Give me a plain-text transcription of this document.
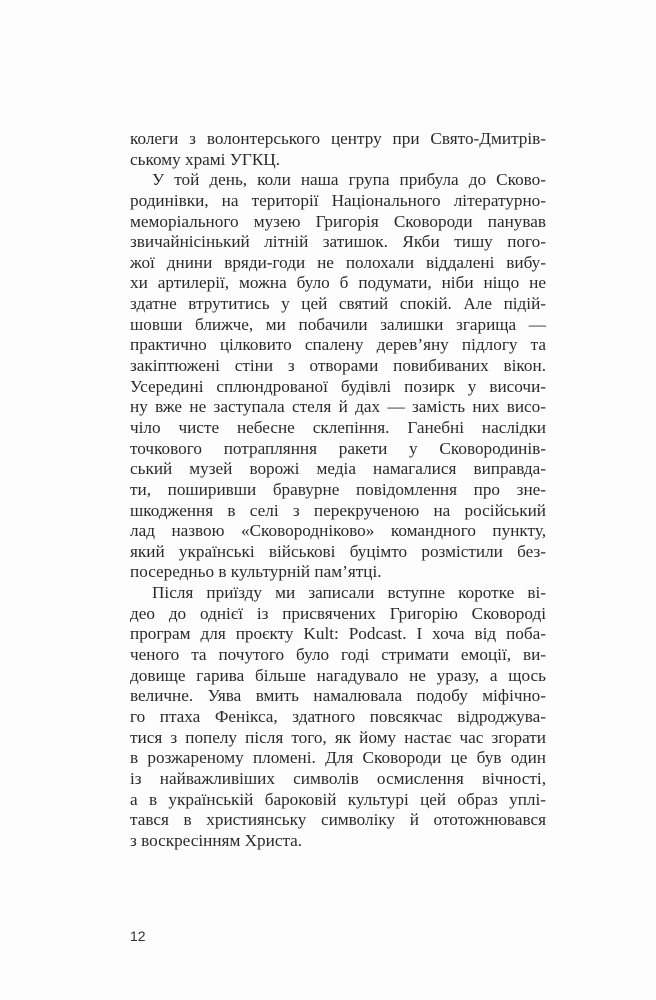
колеги з волонтерського центру при Свято-Дмитрів-
ському храмі УГКЦ.
У той день, коли наша група прибула до Сково-
родинівки, на території Національного літературно-
меморіального музею Григорія Сковороди панував
звичайнісінький літній затишок. Якби тишу пого-
жої днини вряди-годи не полохали віддалені вибу-
хи артилерії, можна було б подумати, ніби ніщо не
здатне втрутитись у цей святий спокій. Але підій-
шовши ближче, ми побачили залишки згарища —
практично цілковито спалену дерев’яну підлогу та
закіптюжені стіни з отворами повибиваних вікон.
Усередині сплюндрованої будівлі позирк у височи-
ну вже не заступала стеля й дах — замість них висо-
чіло чисте небесне склепіння. Ганебні наслідки
точкового потрапляння ракети у Сковородинів-
ський музей ворожі медіа намагалися виправда-
ти, поширивши бравурне повідомлення про зне-
шкодження в селі з перекрученою на російський
лад назвою «Сковородніково» командного пункту,
який українські військові буцімто розмістили без-
посередньо в культурній пам’ятці.
Після приїзду ми записали вступне коротке ві-
део до однієї із присвячених Григорію Сковороді
програм для проєкту Kult: Podcast. І хоча від поба-
ченого та почутого було годі стримати емоції, ви-
довище гарива більше нагадувало не уразу, а щось
величне. Уява вмить намалювала подобу міфічно-
го птаха Фенікса, здатного повсякчас відроджува-
тися з попелу після того, як йому настає час згорати
в розжареному пломені. Для Сковороди це був один
із найважливіших символів осмислення вічності,
а в українській бароковій культурі цей образ уплі-
тався в християнську символіку й ототожнювався
з воскресінням Христа.
12
